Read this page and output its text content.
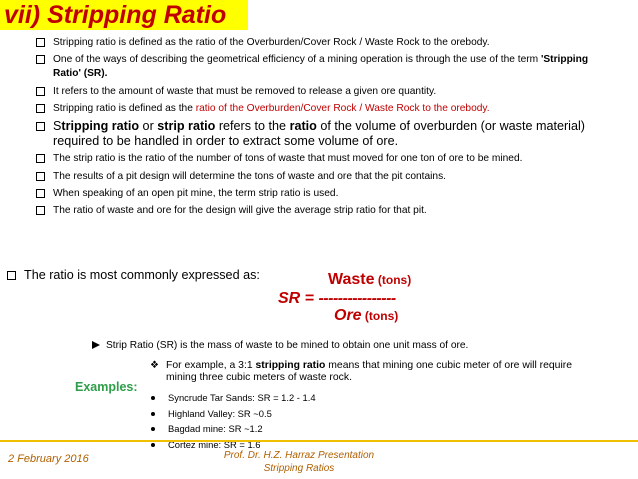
vii) Stripping Ratio
Stripping ratio is defined as the ratio of the Overburden/Cover Rock / Waste Rock to the orebody.
One of the ways of describing the geometrical efficiency of a mining operation is through the use of the term 'Stripping Ratio' (SR).
It refers to the amount of waste that must be removed to release a given ore quantity.
Stripping ratio is defined as the ratio of the Overburden/Cover Rock / Waste Rock to the orebody.
Stripping ratio or strip ratio refers to the ratio of the volume of overburden (or waste material) required to be handled in order to extract some volume of ore.
The strip ratio is the ratio of the number of tons of waste that must moved for one ton of ore to be mined.
The results of a pit design will determine the tons of waste and ore that the pit contains.
When speaking of an open pit mine, the term strip ratio is used.
The ratio of waste and ore for the design will give the average strip ratio for that pit.
The ratio is most commonly expressed as:	Waste (tons)
SR = ----------------
Ore (tons)
Strip Ratio (SR) is the mass of waste to be mined to obtain one unit mass of ore.
Examples:
❖ For example, a 3:1 stripping ratio means that mining one cubic meter of ore will require mining three cubic meters of waste rock.
Syncrude Tar Sands: SR = 1.2 - 1.4
Highland Valley: SR ~0.5
Bagdad mine: SR ~1.2
Cortez mine: SR = 1.6
2 February 2016	Prof. Dr. H.Z. Harraz Presentation
Stripping Ratios
